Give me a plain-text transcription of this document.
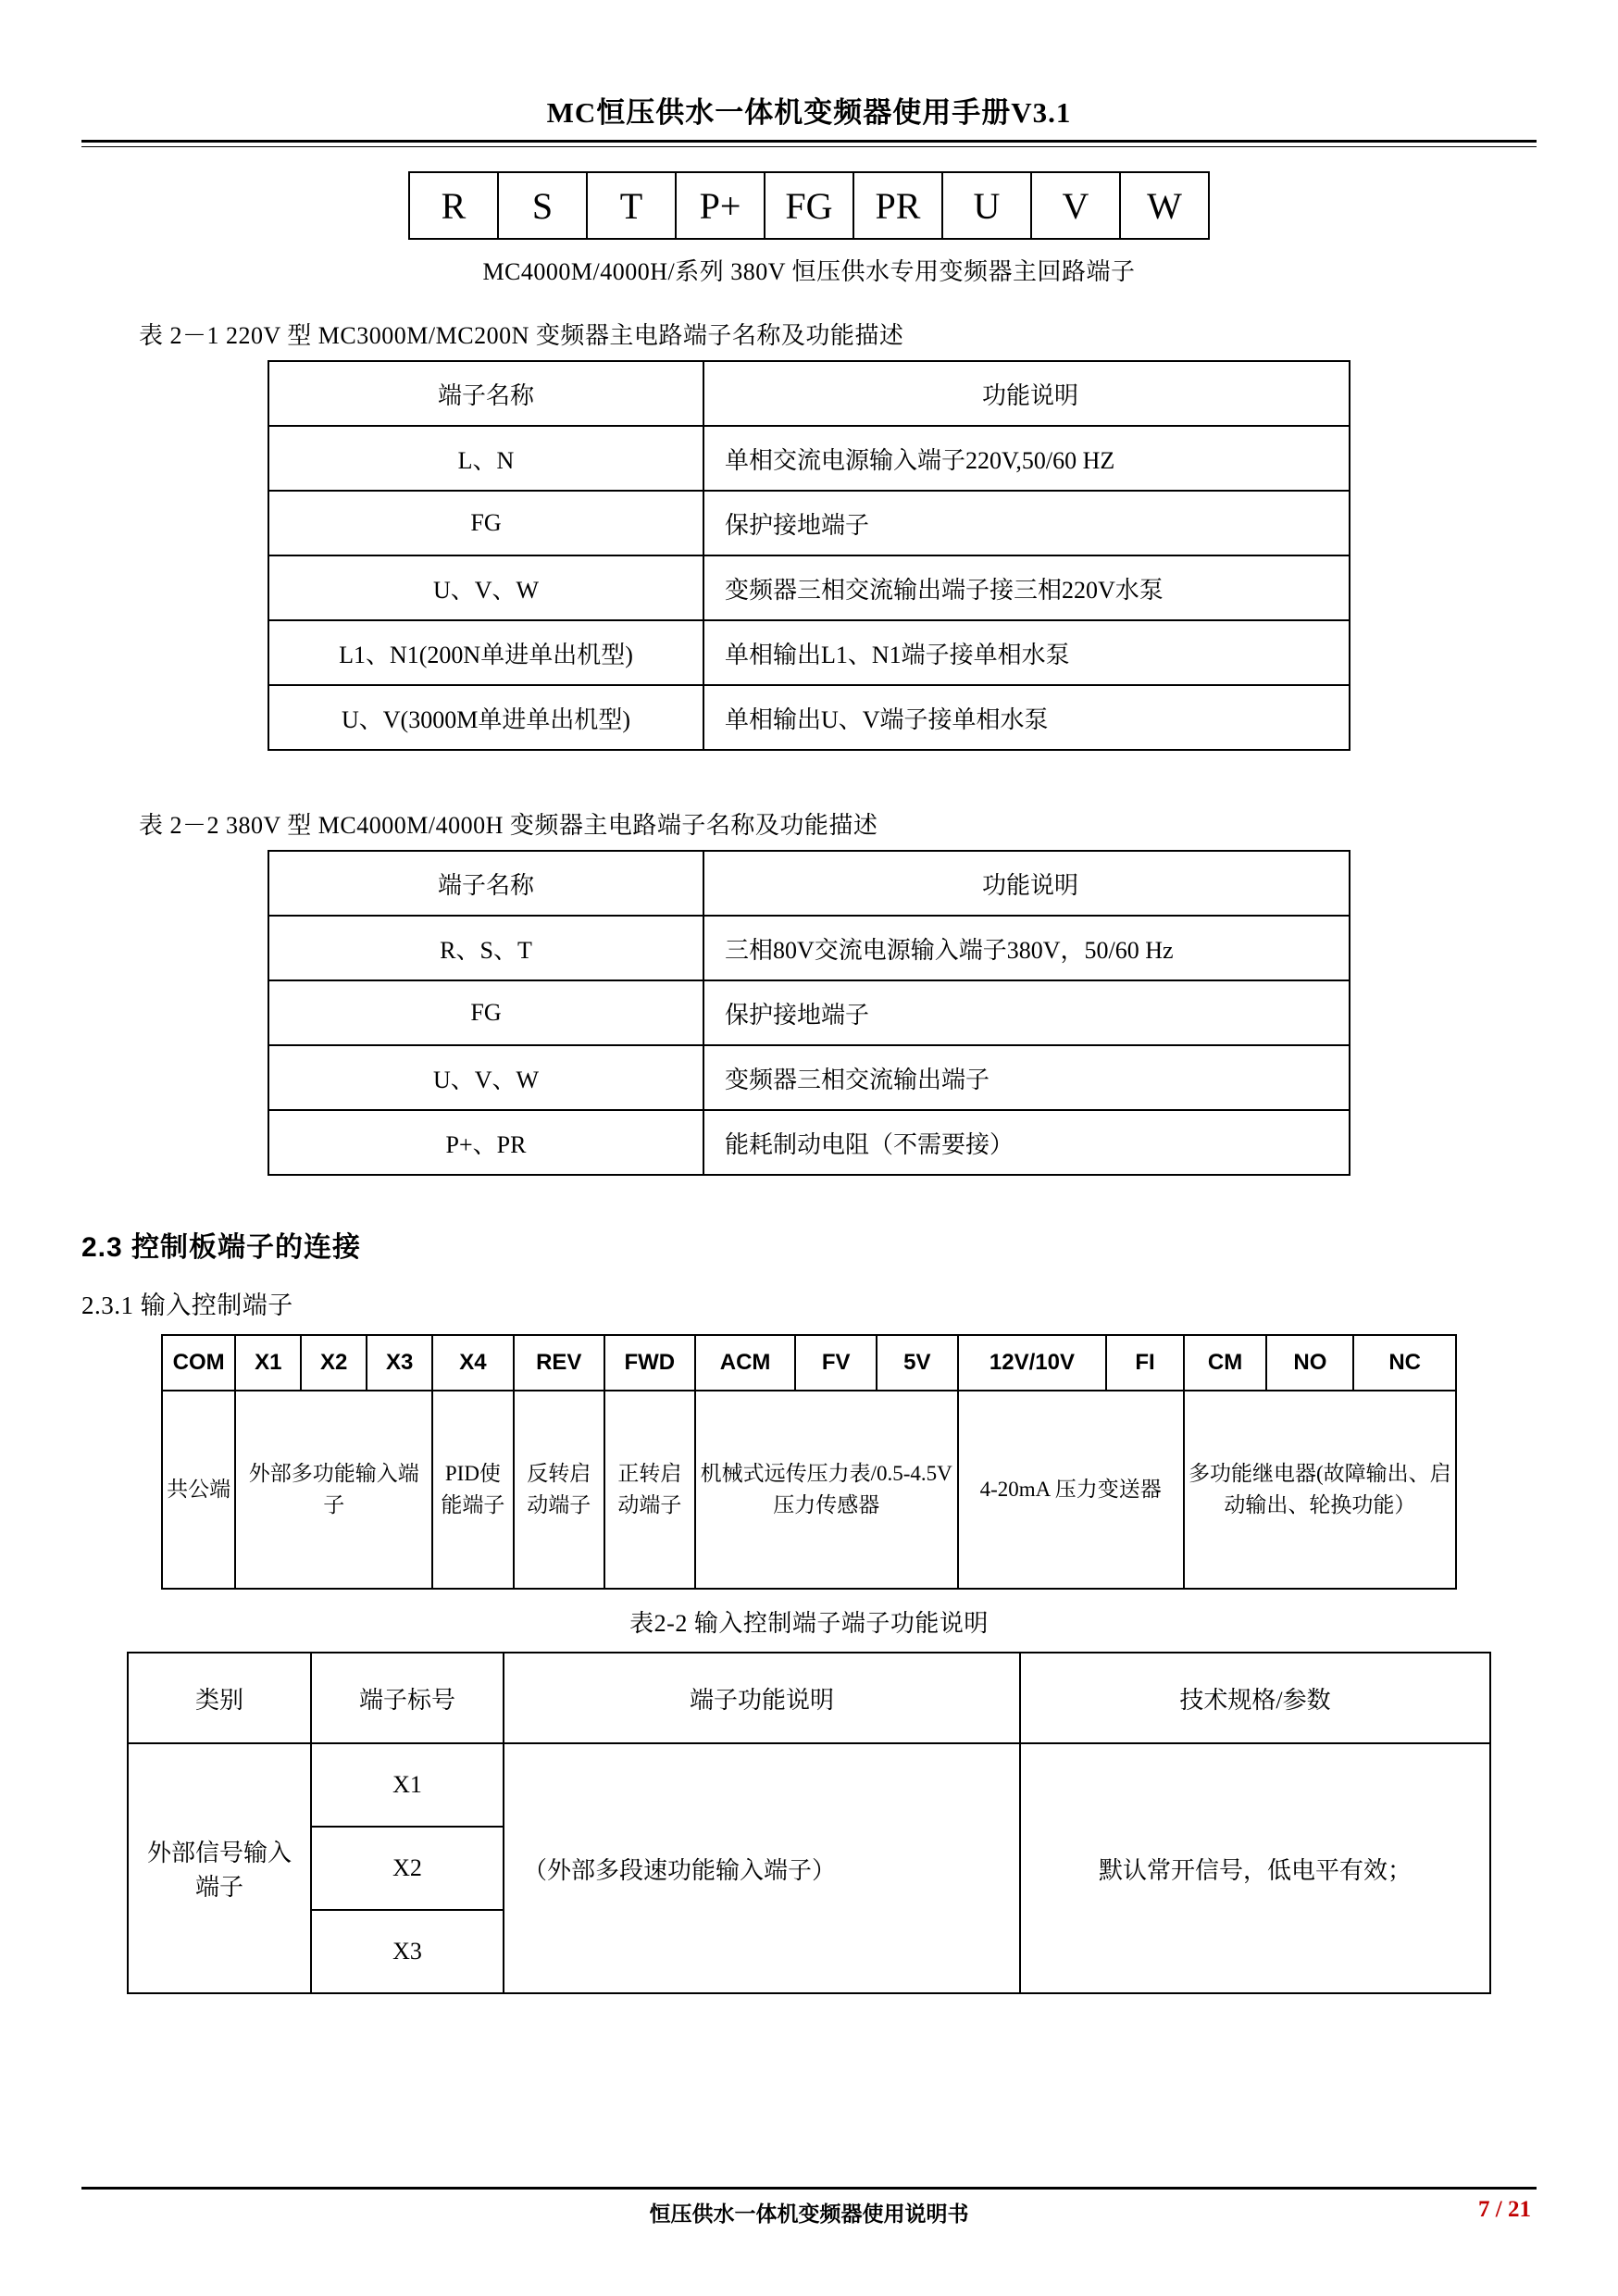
MC恒压供水一体机变频器使用手册V3.1
R	S	T	P+	FG	PR	U	V	W
MC4000M/4000H/系列 380V 恒压供水专用变频器主回路端子
表 2－1 220V 型 MC3000M/MC200N 变频器主电路端子名称及功能描述
端子名称	功能说明
L、N	单相交流电源输入端子220V,50/60 HZ
FG	保护接地端子
U、V、W	变频器三相交流输出端子接三相220V水泵
L1、N1(200N单进单出机型)	单相输出L1、N1端子接单相水泵
U、V(3000M单进单出机型)	单相输出U、V端子接单相水泵
表 2－2 380V 型 MC4000M/4000H 变频器主电路端子名称及功能描述
端子名称	功能说明
R、S、T	三相80V交流电源输入端子380V，50/60 Hz
FG	保护接地端子
U、V、W	变频器三相交流输出端子
P+、PR	能耗制动电阻（不需要接）
2.3 控制板端子的连接
2.3.1 输入控制端子
COM	X1	X2	X3	X4	REV	FWD	ACM	FV	5V	12V/10V	FI	CM	NO	NC
共公端	外部多功能输入端子			PID使能端子	反转启动端子	正转启动端子	机械式远传压力表/0.5-4.5V 压力传感器			4-20mA 压力变送器		多功能继电器(故障输出、启动输出、轮换功能）		
表2-2 输入控制端子端子功能说明
类别	端子标号	端子功能说明	技术规格/参数
外部信号输入端子	X1	（外部多段速功能输入端子）	默认常开信号，低电平有效；
	X2		
	X3		
恒压供水一体机变频器使用说明书	7 / 21
